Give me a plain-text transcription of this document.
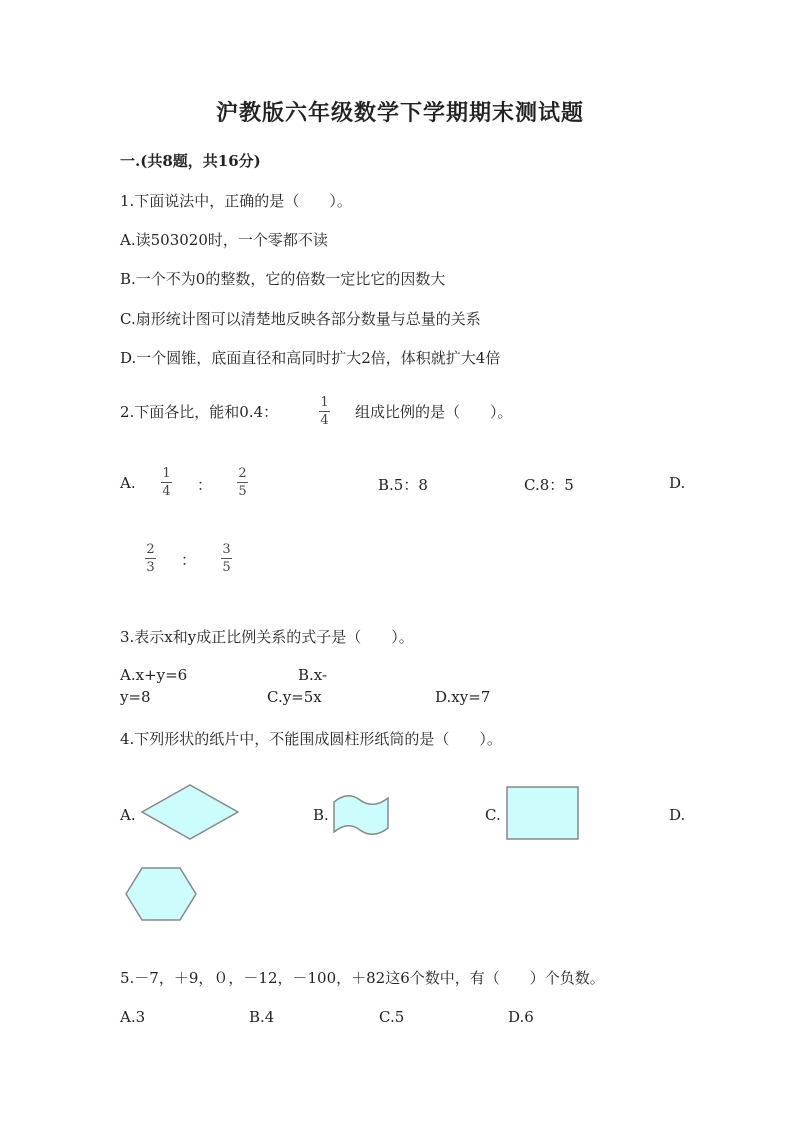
沪教版六年级数学下学期期末测试题
一.(共8题，共16分)
1.下面说法中，正确的是（　　）。
A.读503020时，一个零都不读
B.一个不为0的整数，它的倍数一定比它的因数大
C.扇形统计图可以清楚地反映各部分数量与总量的关系
D.一个圆锥，底面直径和高同时扩大2倍，体积就扩大4倍
2.下面各比，能和0.4：
1
4 组成比例的是（　　）。
A.
1
4 ：
2
5	B.5：8	C.8：5	D.
2
3 ：
3
5
3.表示x和y成正比例关系的式子是（　　）。
A.x+y=6	B.x-
y=8	C.y=5x	D.xy=7
4.下列形状的纸片中，不能围成圆柱形纸筒的是（　　）。
A.	B.	C.	D.
5.－7，＋9，０，－12，－100，＋82这6个数中，有（　　）个负数。
A.3	B.4	C.5	D.6
